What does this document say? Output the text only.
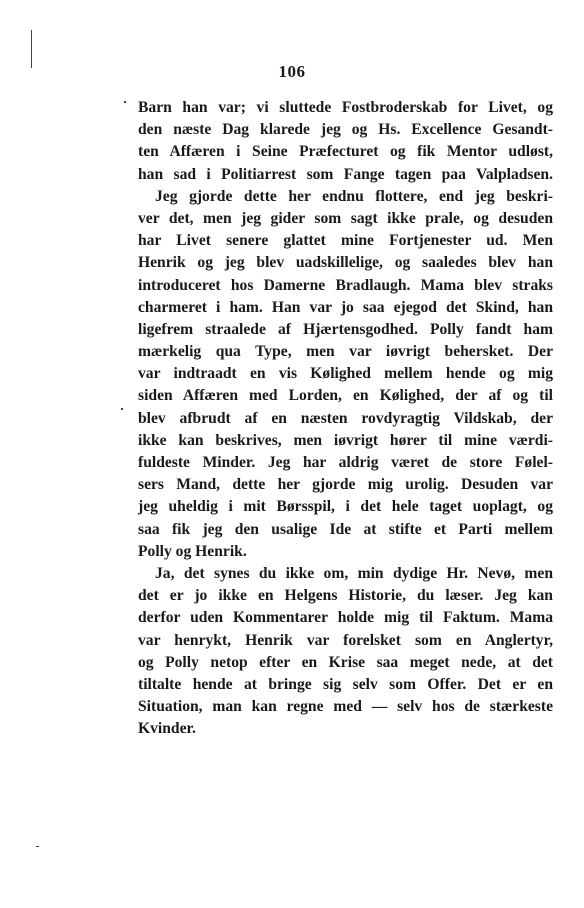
106
Barn han var; vi sluttede Fostbroderskab for Livet, og
den næste Dag klarede jeg og Hs. Excellence Gesandt-
ten Affæren i Seine Præfecturet og fik Mentor udløst,
han sad i Politiarrest som Fange tagen paa Valpladsen.
Jeg gjorde dette her endnu flottere, end jeg beskri-
ver det, men jeg gider som sagt ikke prale, og desuden
har Livet senere glattet mine Fortjenester ud. Men
Henrik og jeg blev uadskillelige, og saaledes blev han
introduceret hos Damerne Bradlaugh. Mama blev straks
charmeret i ham. Han var jo saa ejegod det Skind, han
ligefrem straalede af Hjærtensgodhed. Polly fandt ham
mærkelig qua Type, men var iøvrigt behersket. Der
var indtraadt en vis Kølighed mellem hende og mig
siden Affæren med Lorden, en Kølighed, der af og til
blev afbrudt af en næsten rovdyragtig Vildskab, der
ikke kan beskrives, men iøvrigt hører til mine værdi-
fuldeste Minder. Jeg har aldrig været de store Følel-
sers Mand, dette her gjorde mig urolig. Desuden var
jeg uheldig i mit Børsspil, i det hele taget uoplagt, og
saa fik jeg den usalige Ide at stifte et Parti mellem
Polly og Henrik.
Ja, det synes du ikke om, min dydige Hr. Nevø, men
det er jo ikke en Helgens Historie, du læser. Jeg kan
derfor uden Kommentarer holde mig til Faktum. Mama
var henrykt, Henrik var forelsket som en Anglertyr,
og Polly netop efter en Krise saa meget nede, at det
tiltalte hende at bringe sig selv som Offer. Det er en
Situation, man kan regne med — selv hos de stærkeste
Kvinder.
